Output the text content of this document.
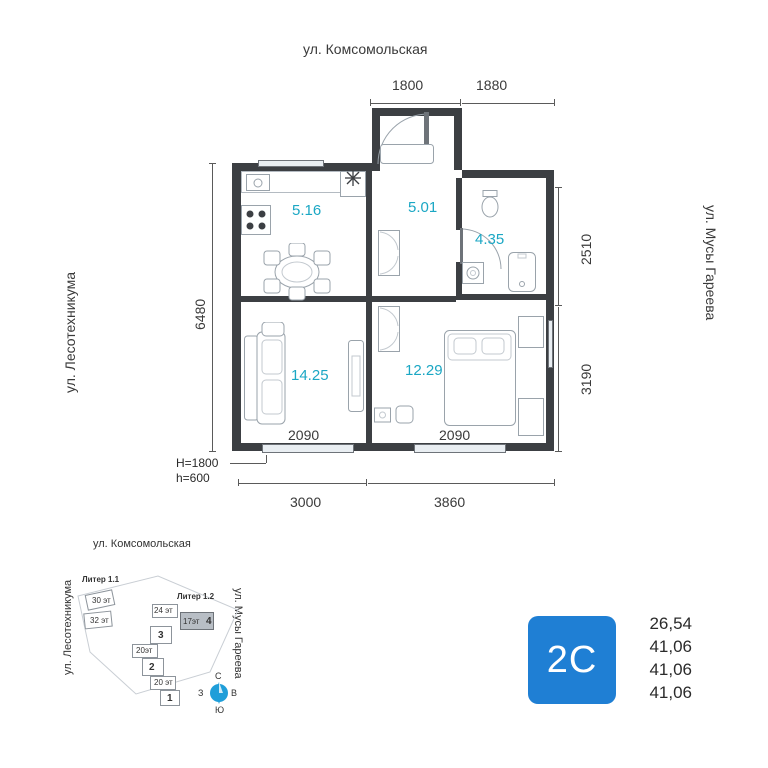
ул. Комсомольская
ул. Лесотехникума
ул. Мусы Гареева
1800	1880
6480
2510
3190
3000	3860
2090	2090
H=1800
h=600
5.16	5.01
4.35
14.25	12.29
2С
26,54
41,06
41,06
41,06
ул. Комсомольская
ул. Лесотехникума	ул. Мусы Гареева
30 эт
32 эт
Литер 1.1
Литер 1.2
24 эт
17эт 4
3
20эт
2
20 эт
1
С
В
Ю
З
